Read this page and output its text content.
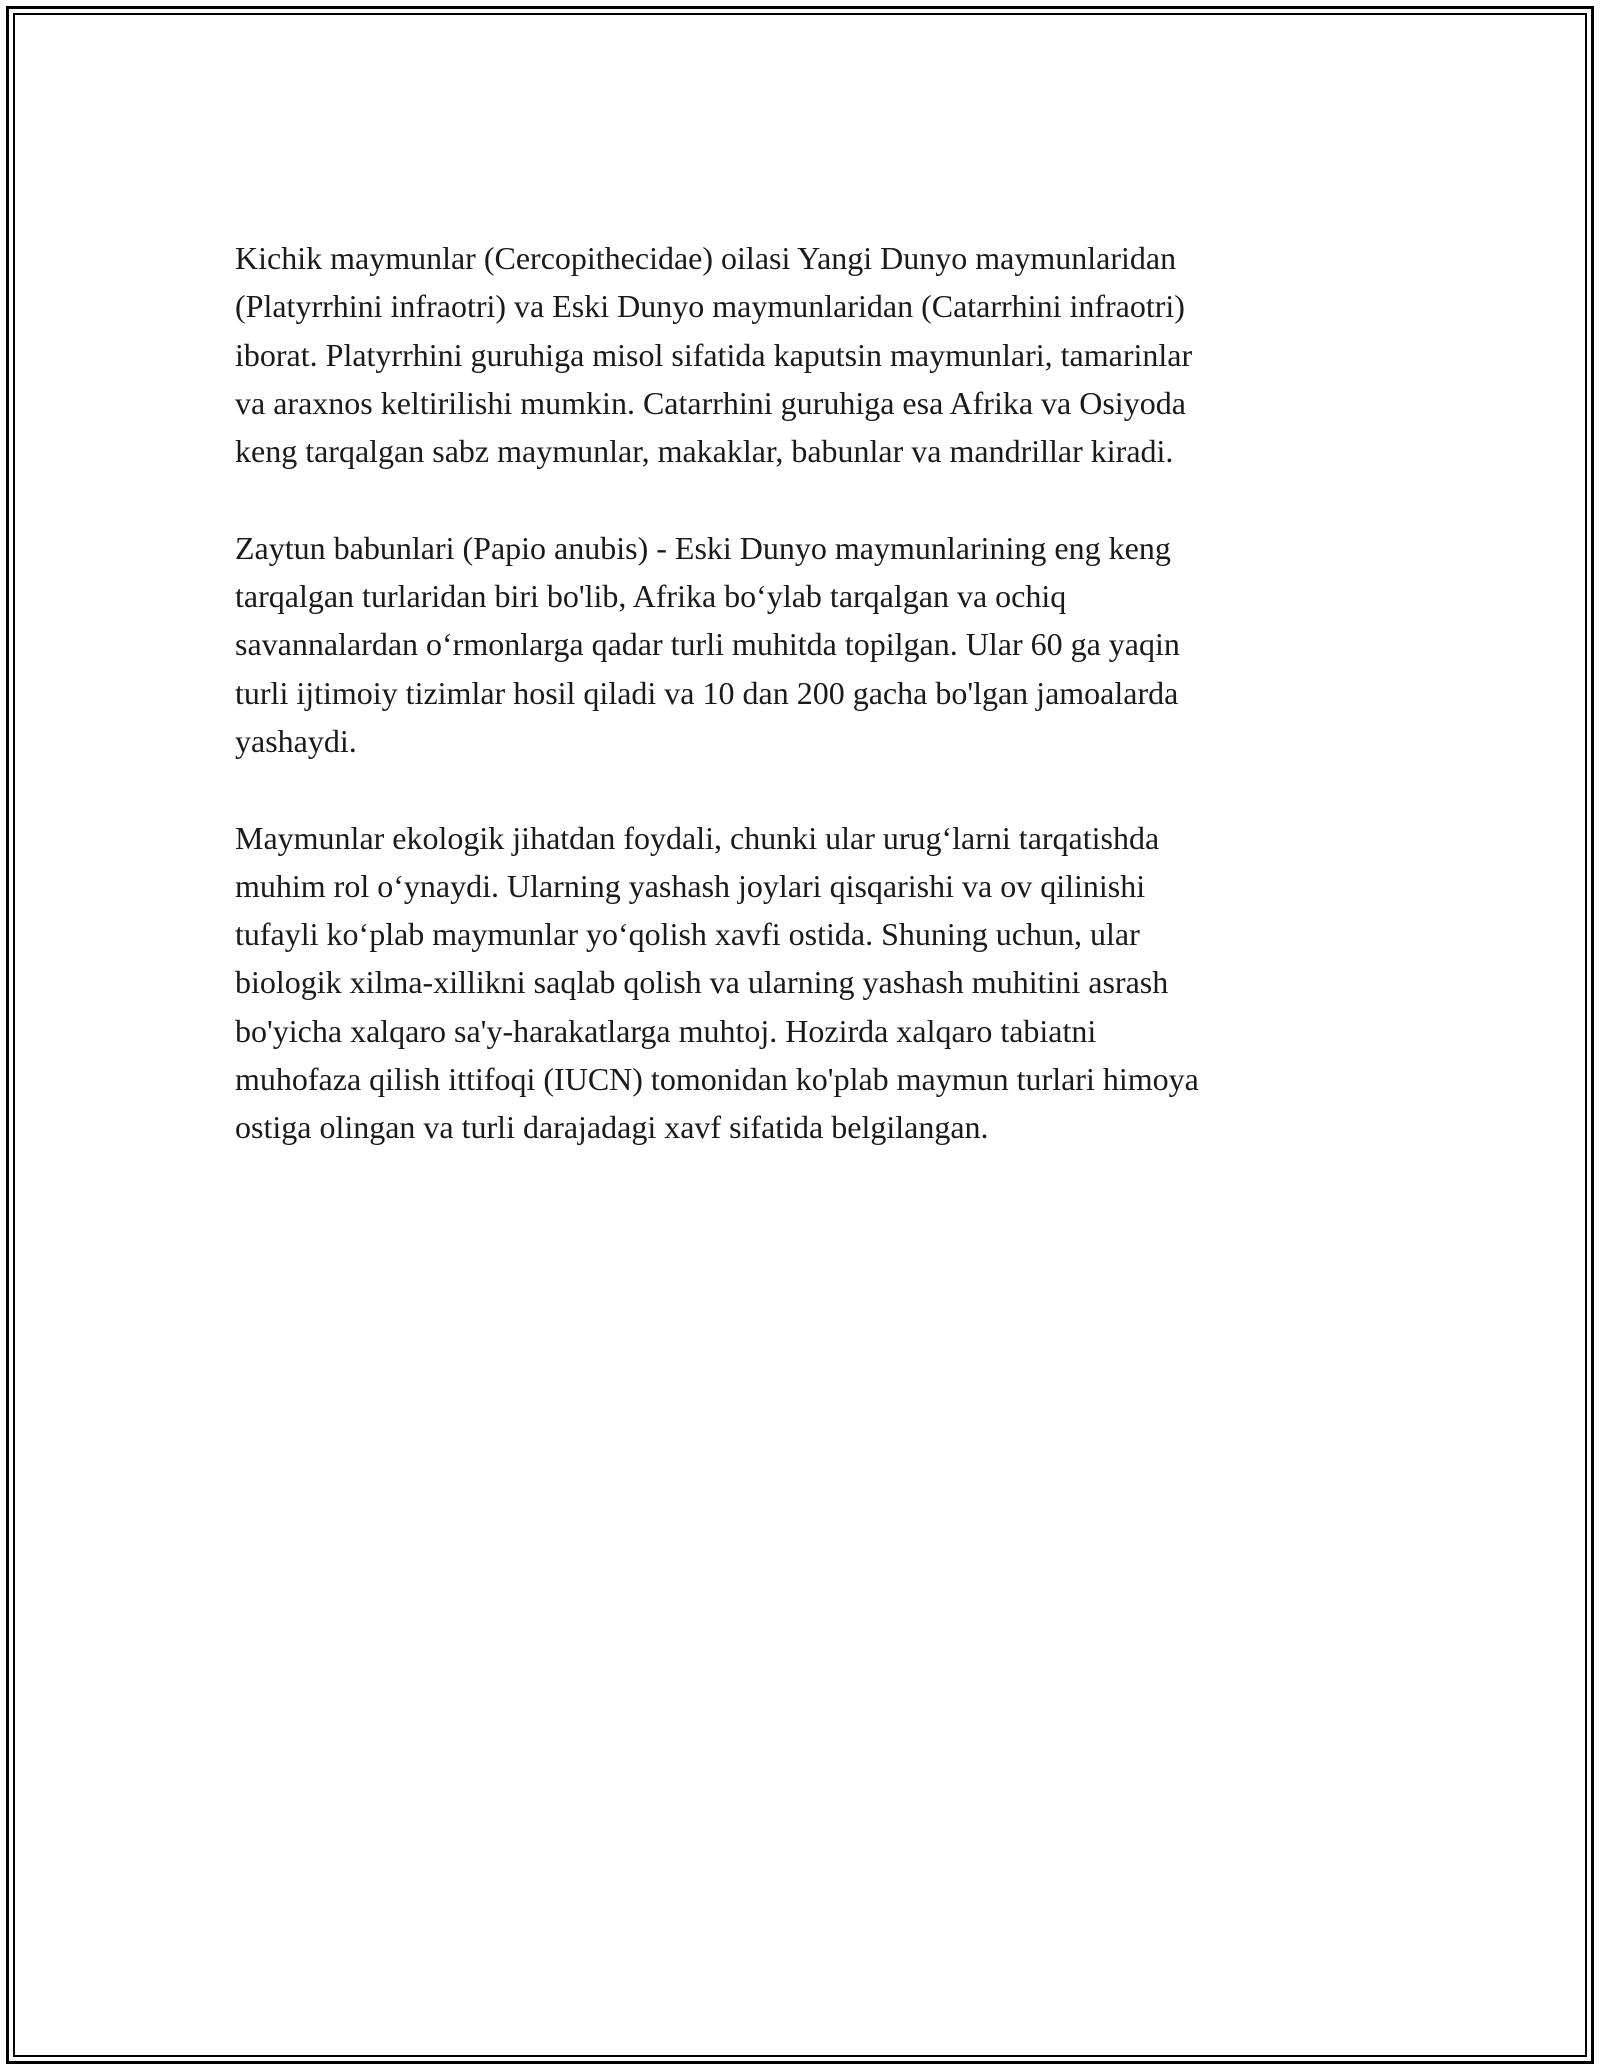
Kichik maymunlar (Cercopithecidae) oilasi Yangi Dunyo maymunlaridan
(Platyrrhini infraotri) va Eski Dunyo maymunlaridan (Catarrhini infraotri)
iborat. Platyrrhini guruhiga misol sifatida kaputsin maymunlari, tamarinlar
va araxnos keltirilishi mumkin. Catarrhini guruhiga esa Afrika va Osiyoda
keng tarqalgan sabz maymunlar, makaklar, babunlar va mandrillar kiradi.

Zaytun babunlari (Papio anubis) - Eski Dunyo maymunlarining eng keng
tarqalgan turlaridan biri bo'lib, Afrika bo‘ylab tarqalgan va ochiq
savannalardan o‘rmonlarga qadar turli muhitda topilgan. Ular 60 ga yaqin
turli ijtimoiy tizimlar hosil qiladi va 10 dan 200 gacha bo'lgan jamoalarda
yashaydi.

Maymunlar ekologik jihatdan foydali, chunki ular urug‘larni tarqatishda
muhim rol o‘ynaydi. Ularning yashash joylari qisqarishi va ov qilinishi
tufayli ko‘plab maymunlar yo‘qolish xavfi ostida. Shuning uchun, ular
biologik xilma-xillikni saqlab qolish va ularning yashash muhitini asrash
bo'yicha xalqaro sa'y-harakatlarga muhtoj. Hozirda xalqaro tabiatni
muhofaza qilish ittifoqi (IUCN) tomonidan ko'plab maymun turlari himoya
ostiga olingan va turli darajadagi xavf sifatida belgilangan.
